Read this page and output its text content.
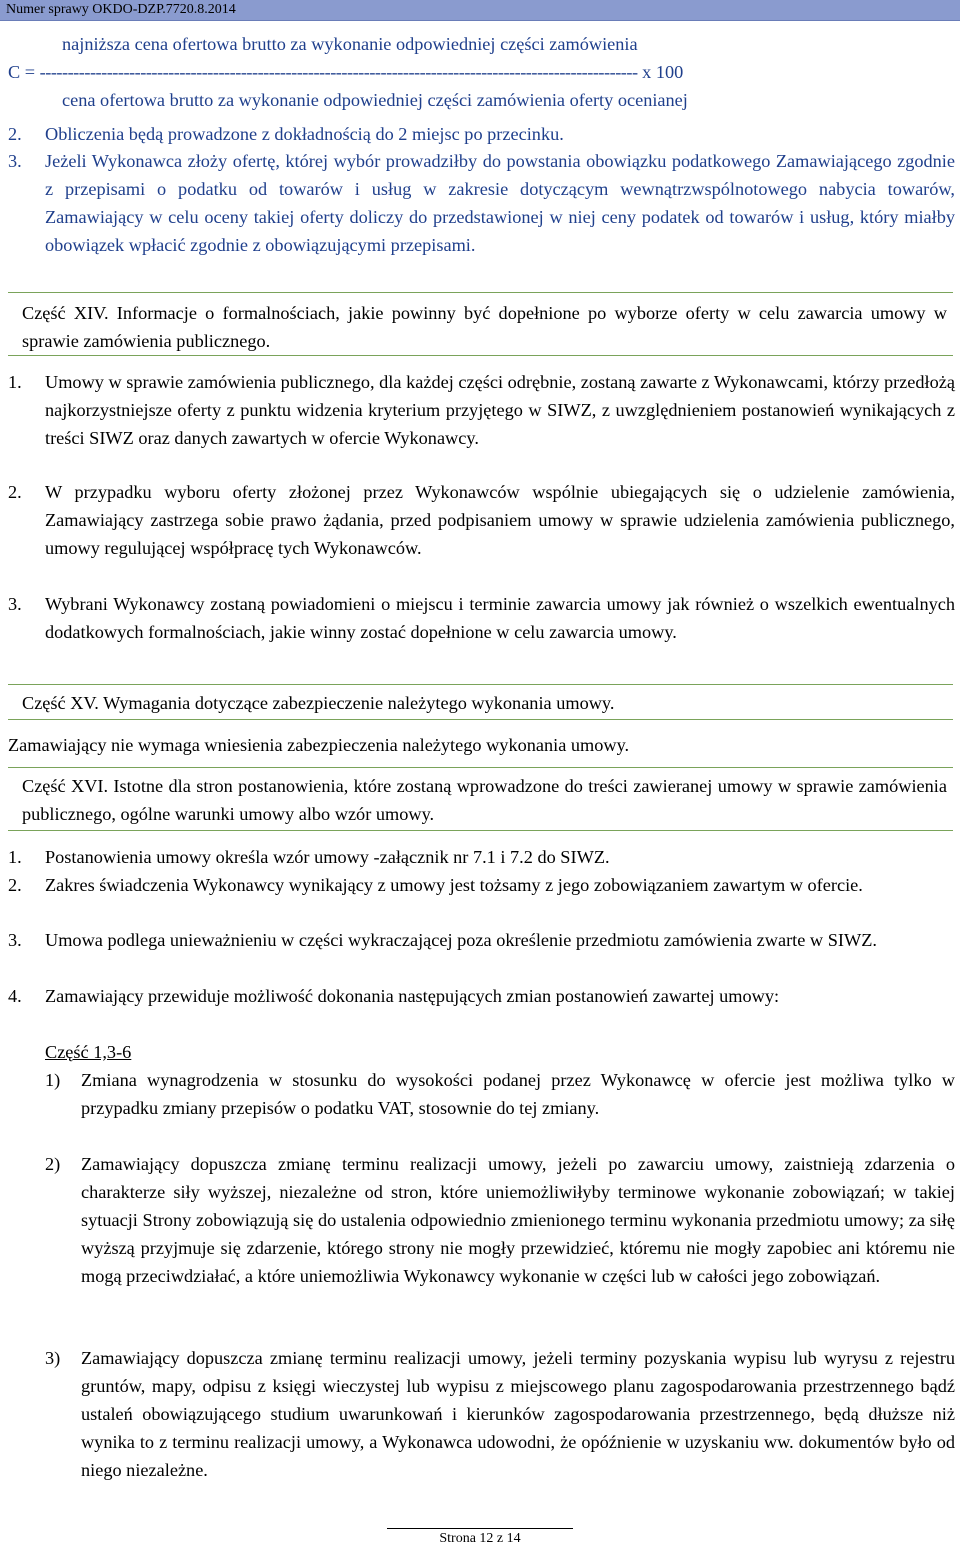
Numer sprawy OKDO-DZP.7720.8.2014
najniższa cena ofertowa brutto za wykonanie odpowiedniej części zamówienia
C = ----------------------------------------------------------------------------------------------------------- x 100
cena ofertowa brutto za wykonanie odpowiedniej części zamówienia oferty ocenianej
2. Obliczenia będą prowadzone z dokładnością do 2 miejsc po przecinku.

3. Jeżeli Wykonawca złoży ofertę, której wybór prowadziłby do powstania obowiązku podatkowego Zamawiającego zgodnie z przepisami o podatku od towarów i usług w zakresie dotyczącym wewnątrzwspólnotowego nabycia towarów, Zamawiający w celu oceny takiej oferty doliczy do przedstawionej w niej ceny podatek od towarów i usług, który miałby obowiązek wpłacić zgodnie z obowiązującymi przepisami.

Część XIV. Informacje o formalnościach, jakie powinny być dopełnione po wyborze oferty w celu zawarcia umowy w sprawie zamówienia publicznego.

1. Umowy w sprawie zamówienia publicznego, dla każdej części odrębnie, zostaną zawarte z Wykonawcami, którzy przedłożą najkorzystniejsze oferty z punktu widzenia kryterium przyjętego w SIWZ, z uwzględnieniem postanowień wynikających z treści SIWZ oraz danych zawartych w ofercie Wykonawcy.

2. W przypadku wyboru oferty złożonej przez Wykonawców wspólnie ubiegających się o udzielenie zamówienia, Zamawiający zastrzega sobie prawo żądania, przed podpisaniem umowy w sprawie udzielenia zamówienia publicznego, umowy regulującej współpracę tych Wykonawców.

3. Wybrani Wykonawcy zostaną powiadomieni o miejscu i terminie zawarcia umowy jak również o wszelkich ewentualnych dodatkowych formalnościach, jakie winny zostać dopełnione w celu zawarcia umowy.

Część XV. Wymagania dotyczące zabezpieczenie należytego wykonania umowy.

Zamawiający nie wymaga wniesienia zabezpieczenia należytego wykonania umowy.

Część XVI. Istotne dla stron postanowienia, które zostaną wprowadzone do treści zawieranej umowy w sprawie zamówienia publicznego, ogólne warunki umowy albo wzór umowy.

1. Postanowienia umowy określa wzór umowy -załącznik nr 7.1 i 7.2 do SIWZ.

2. Zakres świadczenia Wykonawcy wynikający z umowy jest tożsamy z jego zobowiązaniem zawartym w ofercie.

3. Umowa podlega unieważnieniu w części wykraczającej poza określenie przedmiotu zamówienia zwarte w SIWZ.

4. Zamawiający przewiduje możliwość dokonania następujących zmian postanowień zawartej umowy:

Część 1,3-6
1) Zmiana wynagrodzenia w stosunku do wysokości podanej przez Wykonawcę w ofercie jest możliwa tylko w przypadku zmiany przepisów o podatku VAT, stosownie do tej zmiany.

2) Zamawiający dopuszcza zmianę terminu realizacji umowy, jeżeli po zawarciu umowy, zaistnieją zdarzenia o charakterze siły wyższej, niezależne od stron, które uniemożliwiłyby terminowe wykonanie zobowiązań; w takiej sytuacji Strony zobowiązują się do ustalenia odpowiednio zmienionego terminu wykonania przedmiotu umowy; za siłę wyższą przyjmuje się zdarzenie, którego strony nie mogły przewidzieć, któremu nie mogły zapobiec ani któremu nie mogą przeciwdziałać, a które uniemożliwia Wykonawcy wykonanie w części lub w całości jego zobowiązań.

3) Zamawiający dopuszcza zmianę terminu realizacji umowy, jeżeli terminy pozyskania wypisu lub wyrysu z rejestru gruntów, mapy, odpisu z księgi wieczystej lub wypisu z miejscowego planu zagospodarowania przestrzennego bądź ustaleń obowiązującego studium uwarunkowań i kierunków zagospodarowania przestrzennego, będą dłuższe niż wynika to z terminu realizacji umowy, a Wykonawca udowodni, że opóźnienie w uzyskaniu ww. dokumentów było od niego niezależne.

Strona 12 z 14
